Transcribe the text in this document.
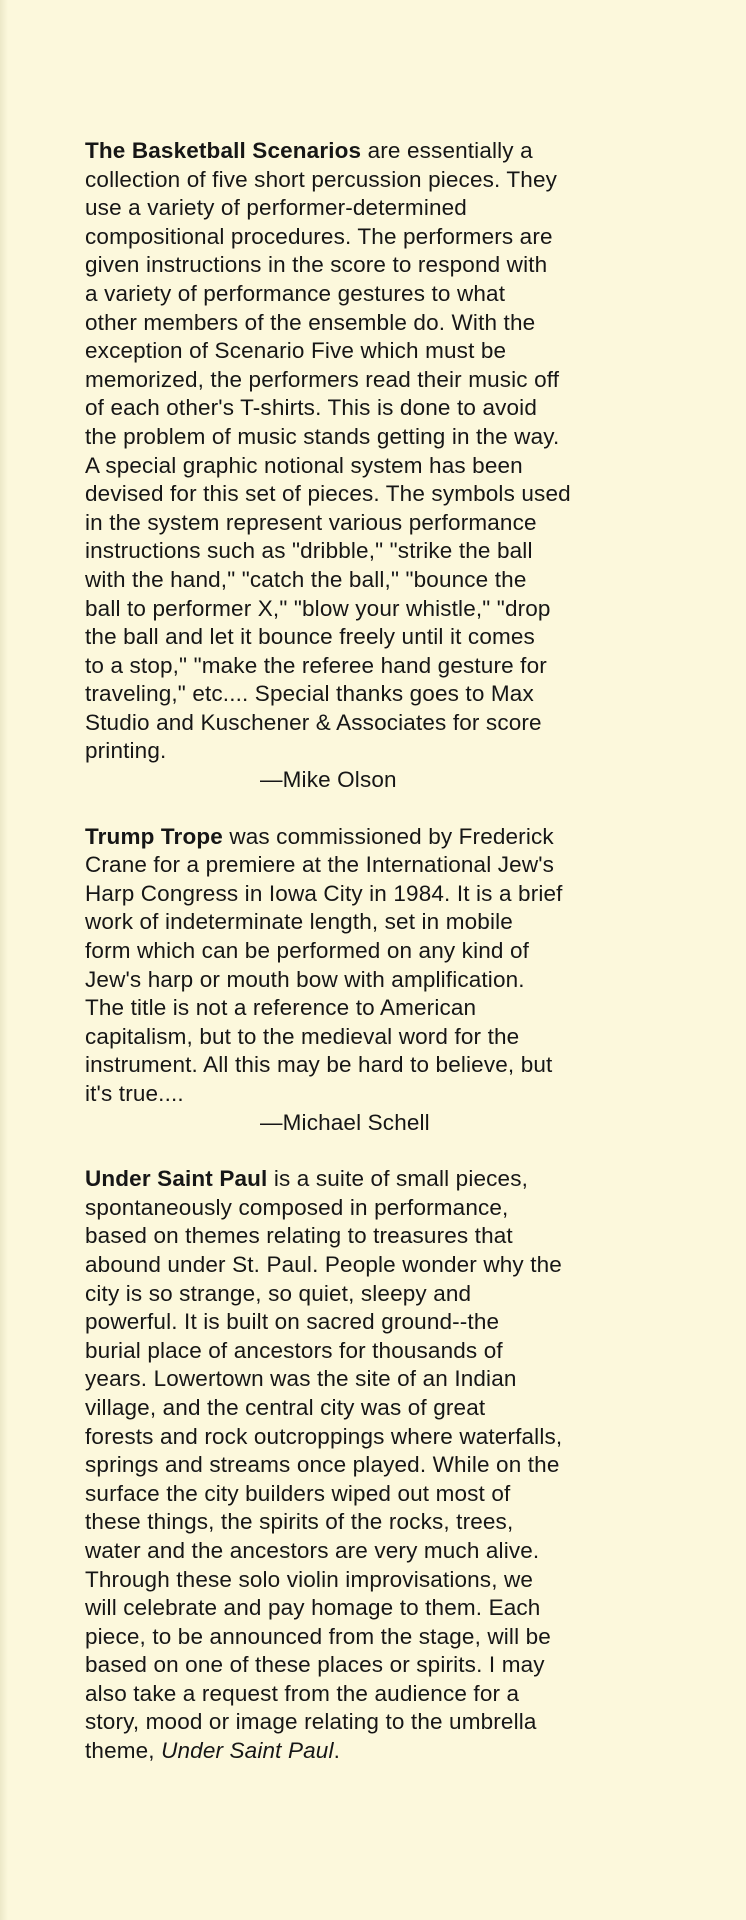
The Basketball Scenarios are essentially a
collection of five short percussion pieces. They
use a variety of performer-determined
compositional procedures. The performers are
given instructions in the score to respond with
a variety of performance gestures to what
other members of the ensemble do. With the
exception of Scenario Five which must be
memorized, the performers read their music off
of each other's T-shirts. This is done to avoid
the problem of music stands getting in the way.
A special graphic notional system has been
devised for this set of pieces. The symbols used
in the system represent various performance
instructions such as "dribble," "strike the ball
with the hand," "catch the ball," "bounce the
ball to performer X," "blow your whistle," "drop
the ball and let it bounce freely until it comes
to a stop," "make the referee hand gesture for
traveling," etc.... Special thanks goes to Max
Studio and Kuschener & Associates for score
printing.
—Mike Olson
Trump Trope was commissioned by Frederick
Crane for a premiere at the International Jew's
Harp Congress in Iowa City in 1984. It is a brief
work of indeterminate length, set in mobile
form which can be performed on any kind of
Jew's harp or mouth bow with amplification.
The title is not a reference to American
capitalism, but to the medieval word for the
instrument. All this may be hard to believe, but
it's true....
—Michael Schell
Under Saint Paul is a suite of small pieces,
spontaneously composed in performance,
based on themes relating to treasures that
abound under St. Paul. People wonder why the
city is so strange, so quiet, sleepy and
powerful. It is built on sacred ground--the
burial place of ancestors for thousands of
years. Lowertown was the site of an Indian
village, and the central city was of great
forests and rock outcroppings where waterfalls,
springs and streams once played. While on the
surface the city builders wiped out most of
these things, the spirits of the rocks, trees,
water and the ancestors are very much alive.
Through these solo violin improvisations, we
will celebrate and pay homage to them. Each
piece, to be announced from the stage, will be
based on one of these places or spirits. I may
also take a request from the audience for a
story, mood or image relating to the umbrella
theme, Under Saint Paul.
